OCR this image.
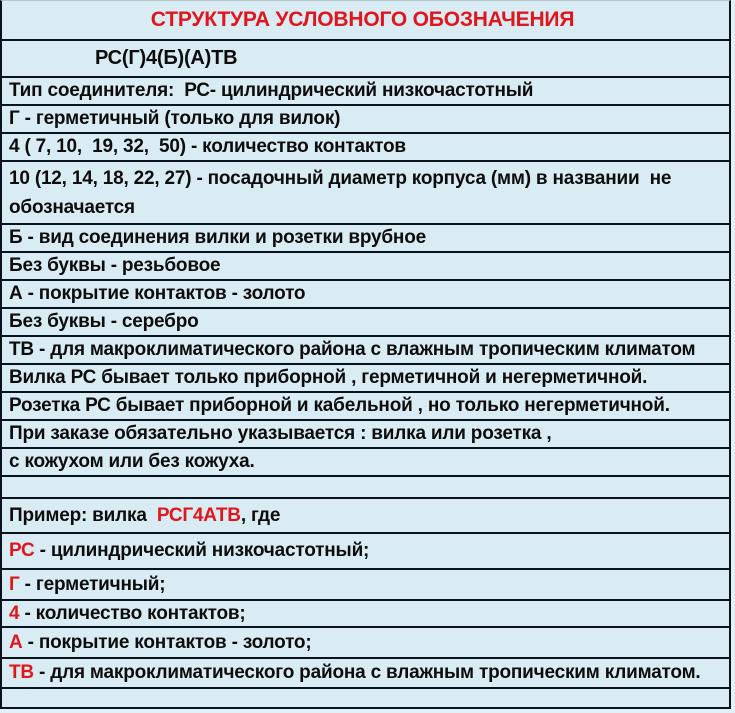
СТРУКТУРА УСЛОВНОГО ОБОЗНАЧЕНИЯ
РС(Г)4(Б)(А)ТВ
Тип соединителя:  РС- цилиндрический низкочастотный
Г - герметичный (только для вилок)
4 ( 7, 10,  19, 32,  50) - количество контактов
10 (12, 14, 18, 22, 27) - посадочный диаметр корпуса (мм) в названии  не
обозначается
Б - вид соединения вилки и розетки врубное
Без буквы - резьбовое
А - покрытие контактов - золото
Без буквы - серебро
ТВ - для макроклиматического района с влажным тропическим климатом
Вилка РС бывает только приборной , герметичной и негерметичной.
Розетка РС бывает приборной и кабельной , но только негерметичной.
При заказе обязательно указывается : вилка или розетка ,
с кожухом или без кожуха.
Пример: вилка  РСГ4АТВ, где
РС - цилиндрический низкочастотный;
Г - герметичный;
4 - количество контактов;
А - покрытие контактов - золото;
ТВ - для макроклиматического района с влажным тропическим климатом.
